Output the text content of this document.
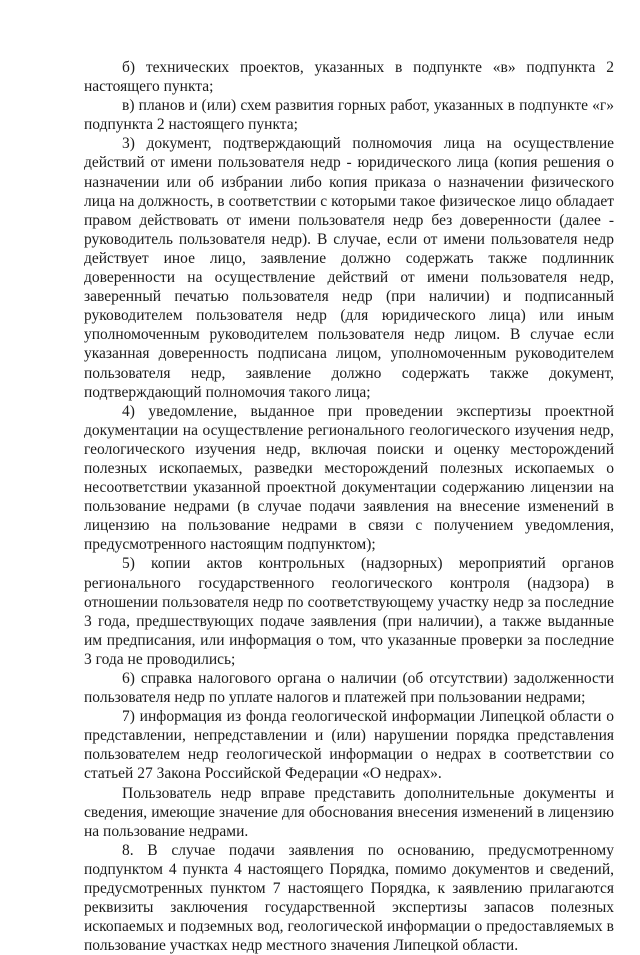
б) технических проектов, указанных в подпункте «в» подпункта 2 настоящего пункта;

в) планов и (или) схем развития горных работ, указанных в подпункте «г» подпункта 2 настоящего пункта;

3) документ, подтверждающий полномочия лица на осуществление действий от имени пользователя недр - юридического лица (копия решения о назначении или об избрании либо копия приказа о назначении физического лица на должность, в соответствии с которыми такое физическое лицо обладает правом действовать от имени пользователя недр без доверенности (далее - руководитель пользователя недр). В случае, если от имени пользователя недр действует иное лицо, заявление должно содержать также подлинник доверенности на осуществление действий от имени пользователя недр, заверенный печатью пользователя недр (при наличии) и подписанный руководителем пользователя недр (для юридического лица) или иным уполномоченным руководителем пользователя недр лицом. В случае если указанная доверенность подписана лицом, уполномоченным руководителем пользователя недр, заявление должно содержать также документ, подтверждающий полномочия такого лица;

4) уведомление, выданное при проведении экспертизы проектной документации на осуществление регионального геологического изучения недр, геологического изучения недр, включая поиски и оценку месторождений полезных ископаемых, разведки месторождений полезных ископаемых о несоответствии указанной проектной документации содержанию лицензии на пользование недрами (в случае подачи заявления на внесение изменений в лицензию на пользование недрами в связи с получением уведомления, предусмотренного настоящим подпунктом);

5) копии актов контрольных (надзорных) мероприятий органов регионального государственного геологического контроля (надзора) в отношении пользователя недр по соответствующему участку недр за последние 3 года, предшествующих подаче заявления (при наличии), а также выданные им предписания, или информация о том, что указанные проверки за последние 3 года не проводились;

6) справка налогового органа о наличии (об отсутствии) задолженности пользователя недр по уплате налогов и платежей при пользовании недрами;

7) информация из фонда геологической информации Липецкой области о представлении, непредставлении и (или) нарушении порядка представления пользователем недр геологической информации о недрах в соответствии со статьей 27 Закона Российской Федерации «О недрах».

Пользователь недр вправе представить дополнительные документы и сведения, имеющие значение для обоснования внесения изменений в лицензию на пользование недрами.

8. В случае подачи заявления по основанию, предусмотренному подпунктом 4 пункта 4 настоящего Порядка, помимо документов и сведений, предусмотренных пунктом 7 настоящего Порядка, к заявлению прилагаются реквизиты заключения государственной экспертизы запасов полезных ископаемых и подземных вод, геологической информации о предоставляемых в пользование участках недр местного значения Липецкой области.
